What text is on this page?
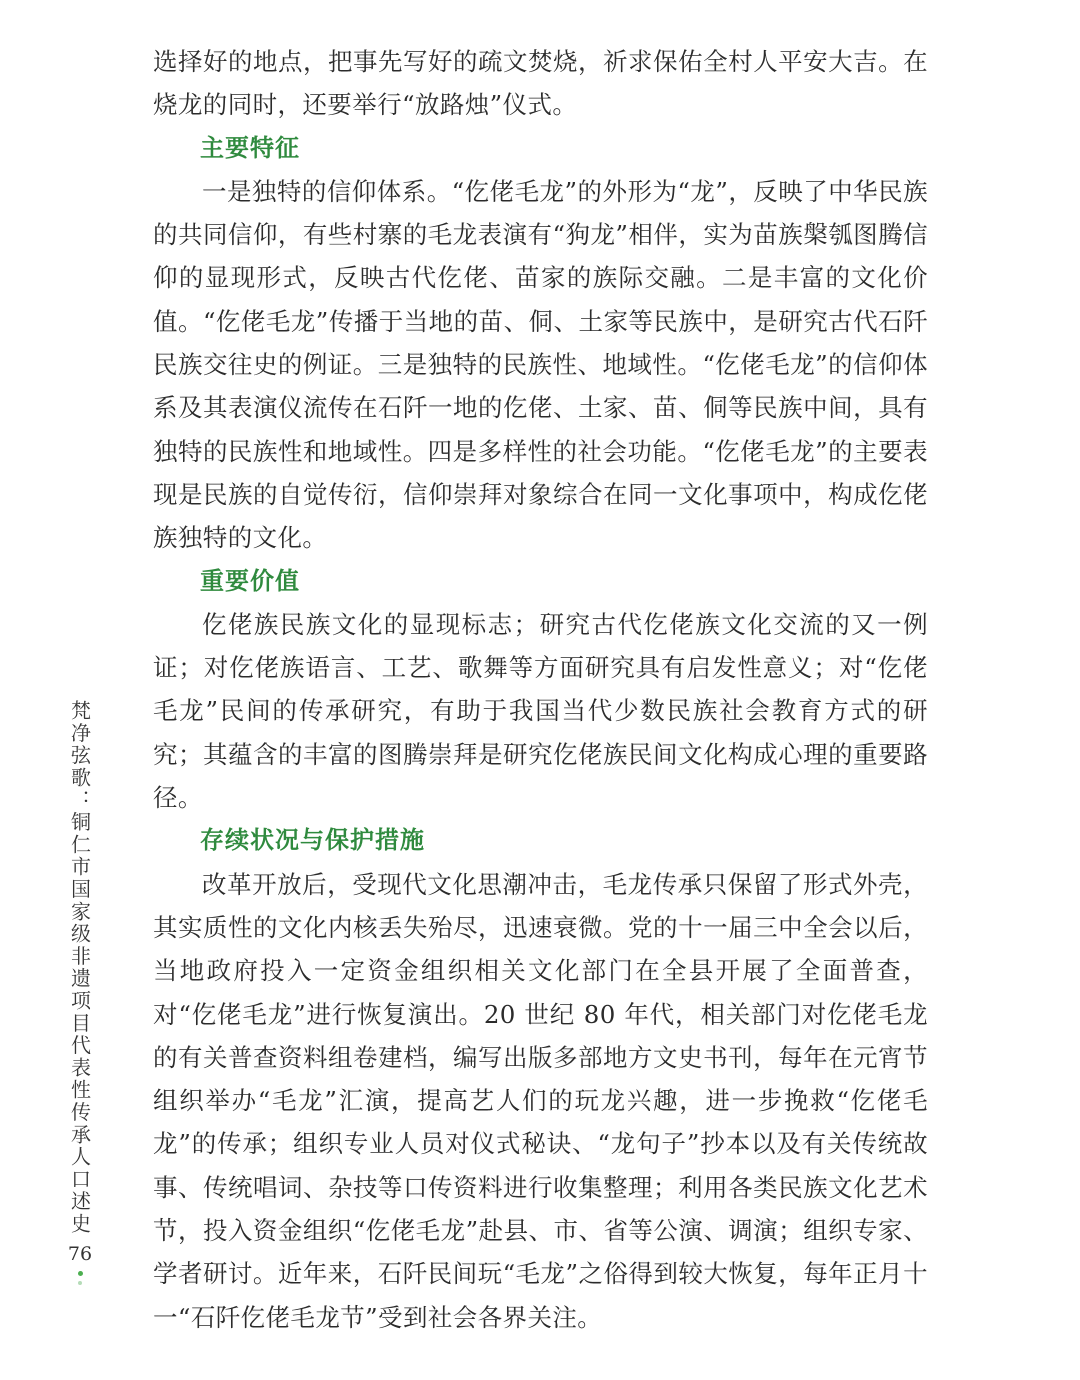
选择好的地点，把事先写好的疏文焚烧，祈求保佑全村人平安大吉。在烧龙的同时，还要举行“放路烛”仪式。

主要特征

一是独特的信仰体系。“仡佬毛龙”的外形为“龙”，反映了中华民族的共同信仰，有些村寨的毛龙表演有“狗龙”相伴，实为苗族槃瓠图腾信仰的显现形式，反映古代仡佬、苗家的族际交融。二是丰富的文化价值。“仡佬毛龙”传播于当地的苗、侗、土家等民族中，是研究古代石阡民族交往史的例证。三是独特的民族性、地域性。“仡佬毛龙”的信仰体系及其表演仪流传在石阡一地的仡佬、土家、苗、侗等民族中间，具有独特的民族性和地域性。四是多样性的社会功能。“仡佬毛龙”的主要表现是民族的自觉传衍，信仰崇拜对象综合在同一文化事项中，构成仡佬族独特的文化。

重要价值

仡佬族民族文化的显现标志；研究古代仡佬族文化交流的又一例证；对仡佬族语言、工艺、歌舞等方面研究具有启发性意义；对“仡佬毛龙”民间的传承研究，有助于我国当代少数民族社会教育方式的研究；其蕴含的丰富的图腾崇拜是研究仡佬族民间文化构成心理的重要路径。

存续状况与保护措施

改革开放后，受现代文化思潮冲击，毛龙传承只保留了形式外壳，其实质性的文化内核丢失殆尽，迅速衰微。党的十一届三中全会以后，当地政府投入一定资金组织相关文化部门在全县开展了全面普查，对“仡佬毛龙”进行恢复演出。20 世纪 80 年代，相关部门对仡佬毛龙的有关普查资料组卷建档，编写出版多部地方文史书刊，每年在元宵节组织举办“毛龙”汇演，提高艺人们的玩龙兴趣，进一步挽救“仡佬毛龙”的传承；组织专业人员对仪式秘诀、“龙句子”抄本以及有关传统故事、传统唱词、杂技等口传资料进行收集整理；利用各类民族文化艺术节，投入资金组织“仡佬毛龙”赴县、市、省等公演、调演；组织专家、学者研讨。近年来，石阡民间玩“毛龙”之俗得到较大恢复，每年正月十一“石阡仡佬毛龙节”受到社会各界关注。

梵净弦歌：铜仁市国家级非遗项目代表性传承人口述史
76
